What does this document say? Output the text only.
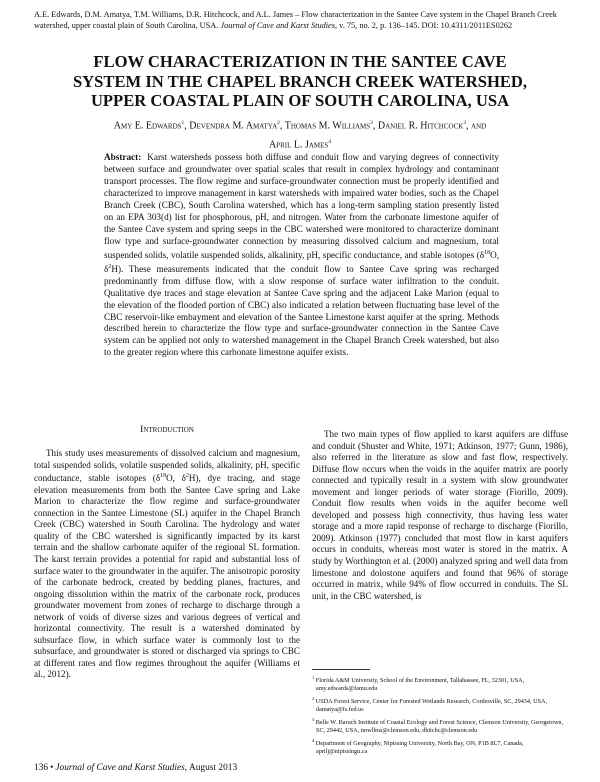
A.E. Edwards, D.M. Amatya, T.M. Williams, D.R. Hitchcock, and A.L. James – Flow characterization in the Santee Cave system in the Chapel Branch Creek watershed, upper coastal plain of South Carolina, USA. Journal of Cave and Karst Studies, v. 75, no. 2, p. 136–145. DOI: 10.4311/2011ES0262
FLOW CHARACTERIZATION IN THE SANTEE CAVE
SYSTEM IN THE CHAPEL BRANCH CREEK WATERSHED,
UPPER COASTAL PLAIN OF SOUTH CAROLINA, USA
Amy E. Edwards$^1$, Devendra M. Amatya$^2$, Thomas M. Williams$^3$, Daniel R. Hitchcock$^3$, and
April L. James$^4$
Abstract: Karst watersheds possess both diffuse and conduit flow and varying degrees of connectivity between surface and groundwater over spatial scales that result in complex hydrology and contaminant transport processes. The flow regime and surface-groundwater connection must be properly identified and characterized to improve management in karst watersheds with impaired water bodies, such as the Chapel Branch Creek (CBC), South Carolina watershed, which has a long-term sampling station presently listed on an EPA 303(d) list for phosphorous, pH, and nitrogen. Water from the carbonate limestone aquifer of the Santee Cave system and spring seeps in the CBC watershed were monitored to characterize dominant flow type and surface-groundwater connection by measuring dissolved calcium and magnesium, total suspended solids, volatile suspended solids, alkalinity, pH, specific conductance, and stable isotopes ($\delta^{18}O$, $\delta^2H$). These measurements indicated that the conduit flow to Santee Cave spring was recharged predominantly from diffuse flow, with a slow response of surface water infiltration to the conduit. Qualitative dye traces and stage elevation at Santee Cave spring and the adjacent Lake Marion (equal to the elevation of the flooded portion of CBC) also indicated a relation between fluctuating base level of the CBC reservoir-like embayment and elevation of the Santee Limestone karst aquifer at the spring. Methods described herein to characterize the flow type and surface-groundwater connection in the Santee Cave system can be applied not only to watershed management in the Chapel Branch Creek watershed, but also to the greater region where this carbonate limestone aquifer exists.
Introduction

This study uses measurements of dissolved calcium and magnesium, total suspended solids, volatile suspended solids, alkalinity, pH, specific conductance, stable isotopes ($\delta^{18}O$, $\delta^2H$), dye tracing, and stage elevation measurements from both the Santee Cave spring and Lake Marion to characterize the flow regime and surface-groundwater connection in the Santee Limestone (SL) aquifer in the Chapel Branch Creek (CBC) watershed in South Carolina. The hydrology and water quality of the CBC watershed is significantly impacted by its karst terrain and the shallow carbonate aquifer of the regional SL formation. The karst terrain provides a potential for rapid and substantial loss of surface water to the groundwater in the aquifer. The anisotropic porosity of the carbonate bedrock, created by bedding planes, fractures, and ongoing dissolution within the matrix of the carbonate rock, produces groundwater movement from zones of recharge to discharge through a network of voids of diverse sizes and various degrees of vertical and horizontal connectivity. The result is a watershed dominated by subsurface flow, in which surface water is commonly lost to the subsurface, and groundwater is stored or discharged via springs to CBC at different rates and flow regimes throughout the aquifer (Williams et al., 2012).

The two main types of flow applied to karst aquifers are diffuse and conduit (Shuster and White, 1971; Atkinson, 1977; Gunn, 1986), also referred in the literature as slow and fast flow, respectively. Diffuse flow occurs when the voids in the aquifer matrix are poorly connected and typically result in a system with slow groundwater movement and longer periods of water storage (Fiorillo, 2009). Conduit flow results when voids in the aquifer become well developed and possess high connectivity, thus having less water storage and a more rapid response of recharge to discharge (Fiorillo, 2009). Atkinson (1977) concluded that most flow in karst aquifers occurs in conduits, whereas most water is stored in the matrix. A study by Worthington et al. (2000) analyzed spring and well data from limestone and dolostone aquifers and found that 96% of storage occurred in matrix, while 94% of flow occurred in conduits. The SL unit, in the CBC watershed, is

$^1$ Florida A&M University, School of the Environment, Tallahassee, FL, 32301, USA, amy.edwards@famu.edu
$^2$ USDA Forest Service, Center for Forested Wetlands Research, Cordesville, SC, 29434, USA, damatya@fs.fed.us
$^3$ Belle W. Baruch Institute of Coastal Ecology and Forest Science, Clemson University, Georgetown, SC, 29442, USA, tmwllms@clemson.edu, dhitchc@clemson.edu
$^4$ Department of Geography, Nipissing University, North Bay, ON, P1B 8L7, Canada, aprilj@nipissingu.ca
136 • Journal of Cave and Karst Studies, August 2013
